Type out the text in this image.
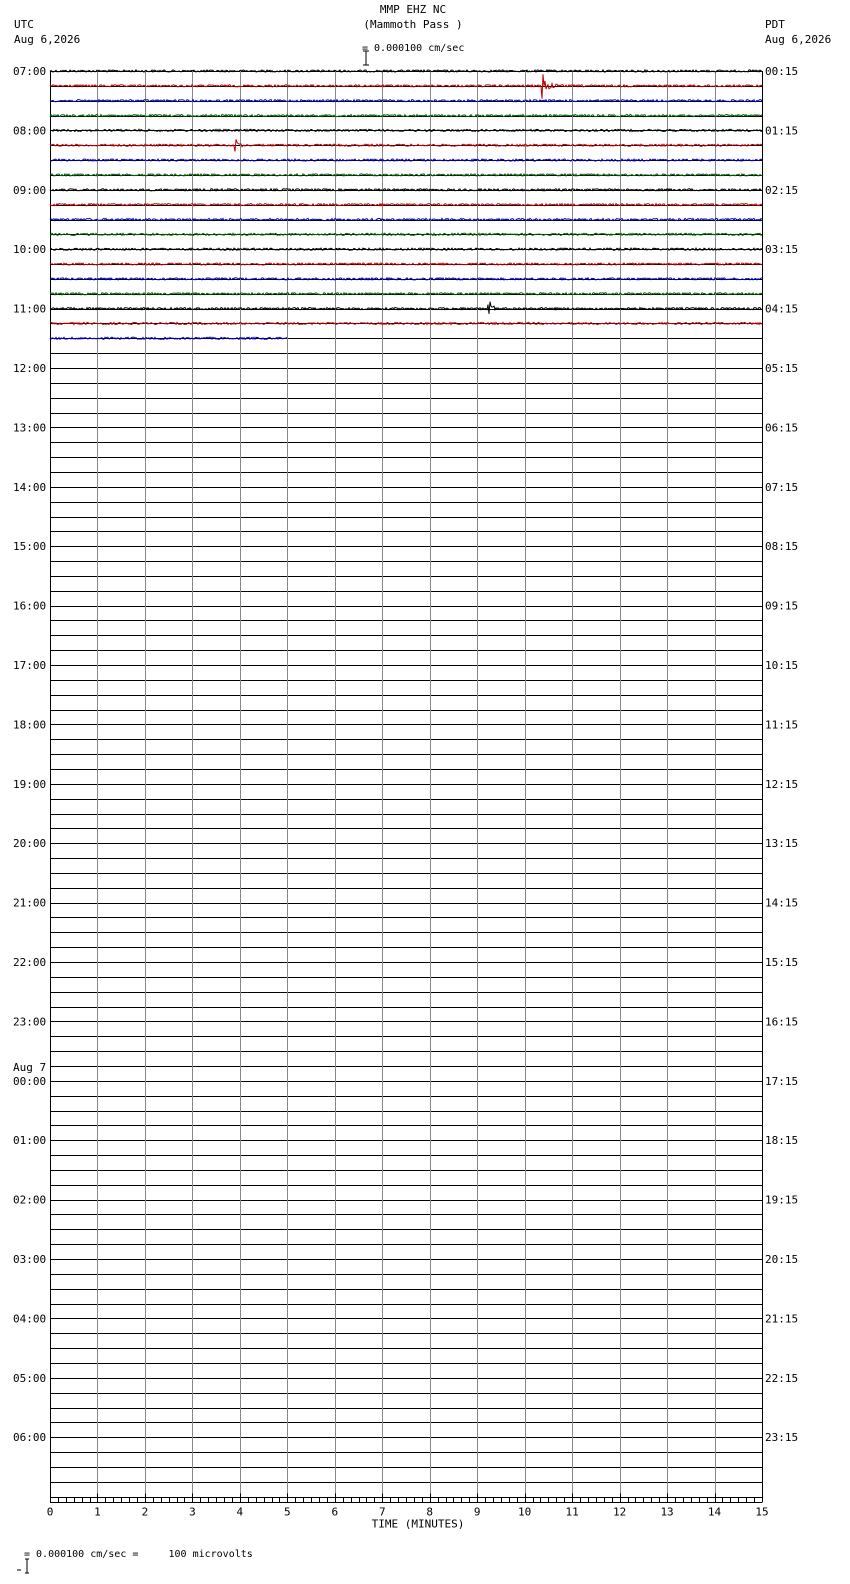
MMP EHZ NC
(Mammoth Pass )

= 0.000100 cm/sec
UTC
Aug 6,2026
PDT
Aug 6,2026
07:00
08:00
09:00
10:00
11:00
12:00
13:00
14:00
15:00
16:00
17:00
18:00
19:00
20:00
21:00
22:00
23:00
00:00
01:00
02:00
03:00
04:00
05:00
06:00
00:15
01:15
02:15
03:15
04:15
05:15
06:15
07:15
08:15
09:15
10:15
11:15
12:15
13:15
14:15
15:15
16:15
17:15
18:15
19:15
20:15
21:15
22:15
23:15
Aug 7
0	1	2	3	4	5	6	7	8	9	10	11	12	13	14	15
TIME (MINUTES)

= 0.000100 cm/sec =     100 microvolts
